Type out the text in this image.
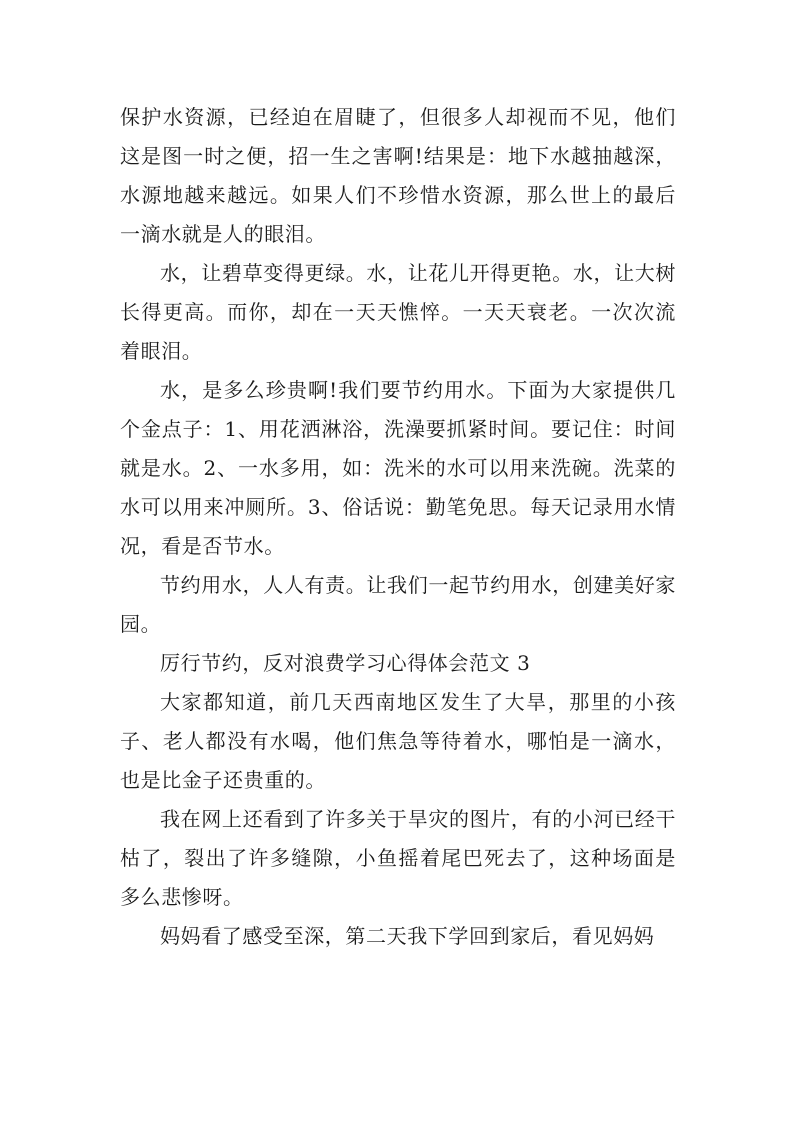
保护水资源，已经迫在眉睫了，但很多人却视而不见，他们这是图一时之便，招一生之害啊!结果是：地下水越抽越深，水源地越来越远。如果人们不珍惜水资源，那么世上的最后一滴水就是人的眼泪。

水，让碧草变得更绿。水，让花儿开得更艳。水，让大树长得更高。而你，却在一天天憔悴。一天天衰老。一次次流着眼泪。

水，是多么珍贵啊!我们要节约用水。下面为大家提供几个金点子：1、用花洒淋浴，洗澡要抓紧时间。要记住：时间就是水。2、一水多用，如：洗米的水可以用来洗碗。洗菜的水可以用来冲厕所。3、俗话说：勤笔免思。每天记录用水情况，看是否节水。

节约用水，人人有责。让我们一起节约用水，创建美好家园。

厉行节约，反对浪费学习心得体会范文 3

大家都知道，前几天西南地区发生了大旱，那里的小孩子、老人都没有水喝，他们焦急等待着水，哪怕是一滴水，也是比金子还贵重的。

我在网上还看到了许多关于旱灾的图片，有的小河已经干枯了，裂出了许多缝隙，小鱼摇着尾巴死去了，这种场面是多么悲惨呀。

妈妈看了感受至深，第二天我下学回到家后，看见妈妈
